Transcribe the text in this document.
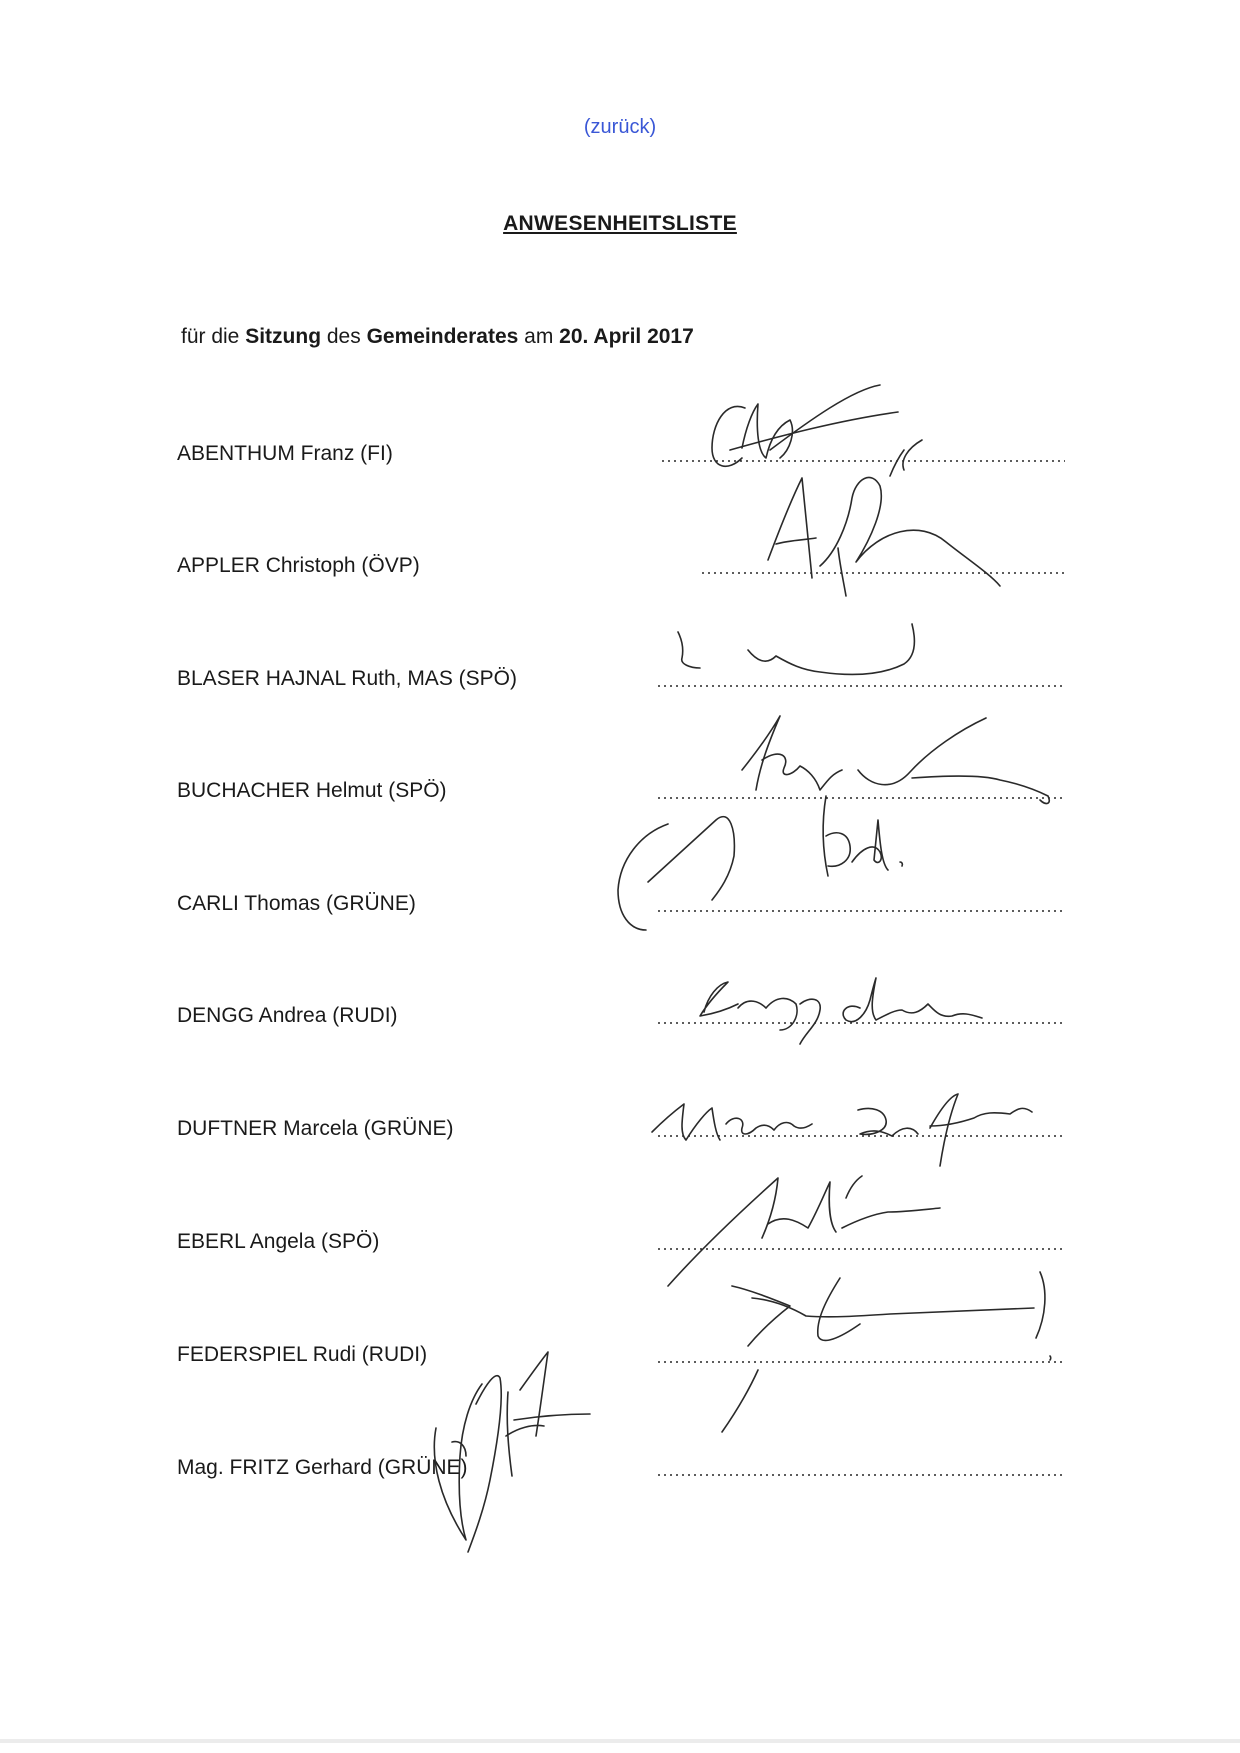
(zurück)
ANWESENHEITSLISTE
für die Sitzung des Gemeinderates am 20. April 2017
ABENTHUM Franz (FI)
APPLER Christoph (ÖVP)
BLASER HAJNAL Ruth, MAS (SPÖ)
BUCHACHER Helmut (SPÖ)
CARLI Thomas (GRÜNE)
DENGG Andrea (RUDI)
DUFTNER Marcela (GRÜNE)
EBERL Angela (SPÖ)
FEDERSPIEL Rudi (RUDI)
Mag. FRITZ Gerhard (GRÜNE)
